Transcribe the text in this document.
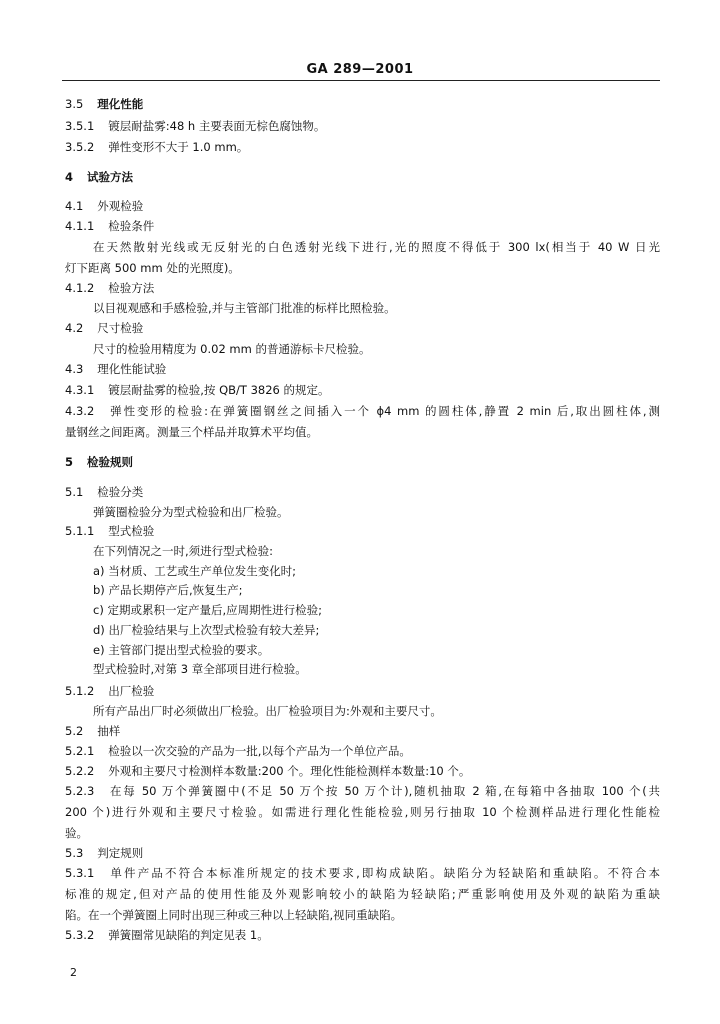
GA 289—2001
3.5 理化性能
3.5.1 镀层耐盐雾:48 h 主要表面无棕色腐蚀物。
3.5.2 弹性变形不大于 1.0 mm。
4 试验方法
4.1 外观检验
4.1.1 检验条件
在天然散射光线或无反射光的白色透射光线下进行,光的照度不得低于 300 lx(相当于 40 W 日光
灯下距离 500 mm 处的光照度)。
4.1.2 检验方法
以目视观感和手感检验,并与主管部门批准的标样比照检验。
4.2 尺寸检验
尺寸的检验用精度为 0.02 mm 的普通游标卡尺检验。
4.3 理化性能试验
4.3.1 镀层耐盐雾的检验,按 QB/T 3826 的规定。
4.3.2 弹性变形的检验:在弹簧圈钢丝之间插入一个 ϕ4 mm 的圆柱体,静置 2 min 后,取出圆柱体,测
量钢丝之间距离。测量三个样品并取算术平均值。
5 检验规则
5.1 检验分类
弹簧圈检验分为型式检验和出厂检验。
5.1.1 型式检验
在下列情况之一时,须进行型式检验:
a) 当材质、工艺或生产单位发生变化时;
b) 产品长期停产后,恢复生产;
c) 定期或累积一定产量后,应周期性进行检验;
d) 出厂检验结果与上次型式检验有较大差异;
e) 主管部门提出型式检验的要求。
型式检验时,对第 3 章全部项目进行检验。
5.1.2 出厂检验
所有产品出厂时必须做出厂检验。出厂检验项目为:外观和主要尺寸。
5.2 抽样
5.2.1 检验以一次交验的产品为一批,以每个产品为一个单位产品。
5.2.2 外观和主要尺寸检测样本数量:200 个。理化性能检测样本数量:10 个。
5.2.3 在每 50 万个弹簧圈中(不足 50 万个按 50 万个计),随机抽取 2 箱,在每箱中各抽取 100 个(共
200 个)进行外观和主要尺寸检验。如需进行理化性能检验,则另行抽取 10 个检测样品进行理化性能检
验。
5.3 判定规则
5.3.1 单件产品不符合本标准所规定的技术要求,即构成缺陷。缺陷分为轻缺陷和重缺陷。不符合本
标准的规定,但对产品的使用性能及外观影响较小的缺陷为轻缺陷;严重影响使用及外观的缺陷为重缺
陷。在一个弹簧圈上同时出现三种或三种以上轻缺陷,视同重缺陷。
5.3.2 弹簧圈常见缺陷的判定见表 1。
2
